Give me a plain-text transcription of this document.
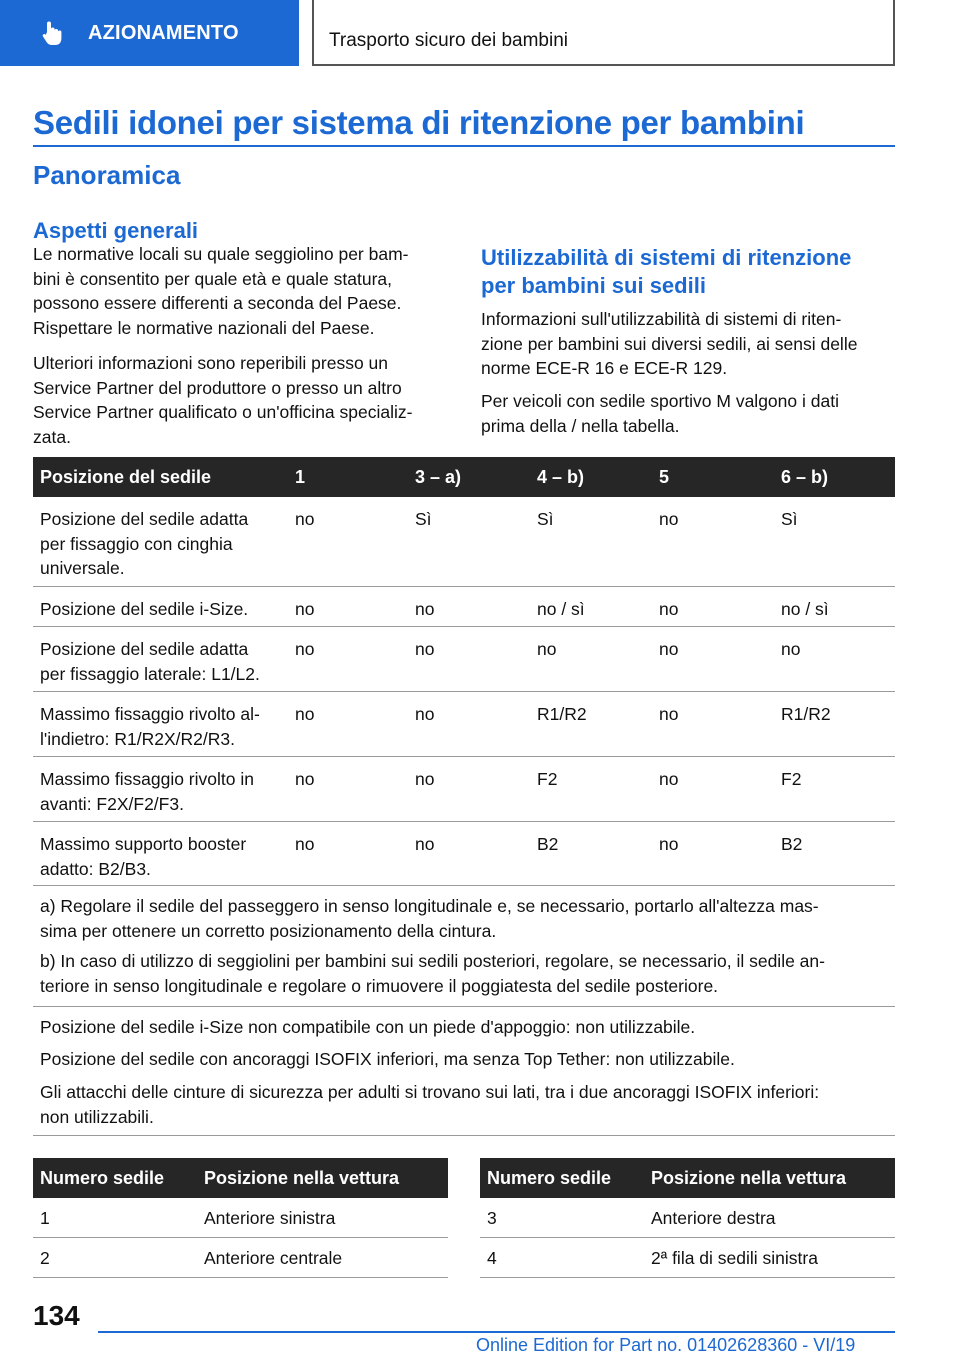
AZIONAMENTO	Trasporto sicuro dei bambini
Sedili idonei per sistema di ritenzione per bambini
Panoramica
Aspetti generali
Le normative locali su quale seggiolino per bam-
bini è consentito per quale età e quale statura,
possono essere differenti a seconda del Paese.
Rispettare le normative nazionali del Paese.
Ulteriori informazioni sono reperibili presso un
Service Partner del produttore o presso un altro
Service Partner qualificato o un'officina specializ-
zata.
Utilizzabilità di sistemi di ritenzione
per bambini sui sedili
Informazioni sull'utilizzabilità di sistemi di riten-
zione per bambini sui diversi sedili, ai sensi delle
norme ECE-R 16 e ECE-R 129.
Per veicoli con sedile sportivo M valgono i dati
prima della / nella tabella.
Posizione del sedile	1	3 – a)	4 – b)	5	6 – b)
Posizione del sedile adatta
per fissaggio con cinghia
universale.
no	Sì	Sì	no	Sì
Posizione del sedile i-Size.	no	no	no / sì	no	no / sì
Posizione del sedile adatta
per fissaggio laterale: L1/L2.
no	no	no	no	no
Massimo fissaggio rivolto al-
l'indietro: R1/R2X/R2/R3.
no	no	R1/R2	no	R1/R2
Massimo fissaggio rivolto in
avanti: F2X/F2/F3.
no	no	F2	no	F2
Massimo supporto booster
adatto: B2/B3.
no	no	B2	no	B2

a) Regolare il sedile del passeggero in senso longitudinale e, se necessario, portarlo all'altezza mas-
sima per ottenere un corretto posizionamento della cintura.

b) In caso di utilizzo di seggiolini per bambini sui sedili posteriori, regolare, se necessario, il sedile an-
teriore in senso longitudinale e regolare o rimuovere il poggiatesta del sedile posteriore.

Posizione del sedile i-Size non compatibile con un piede d'appoggio: non utilizzabile.

Posizione del sedile con ancoraggi ISOFIX inferiori, ma senza Top Tether: non utilizzabile.

Gli attacchi delle cinture di sicurezza per adulti si trovano sui lati, tra i due ancoraggi ISOFIX inferiori:
non utilizzabili.

Numero sedile Posizione nella vettura
1	Anteriore sinistra
2	Anteriore centrale
Numero sedile Posizione nella vettura
3	Anteriore destra
4	2ª fila di sedili sinistra
134
Online Edition for Part no. 01402628360 - VI/19
